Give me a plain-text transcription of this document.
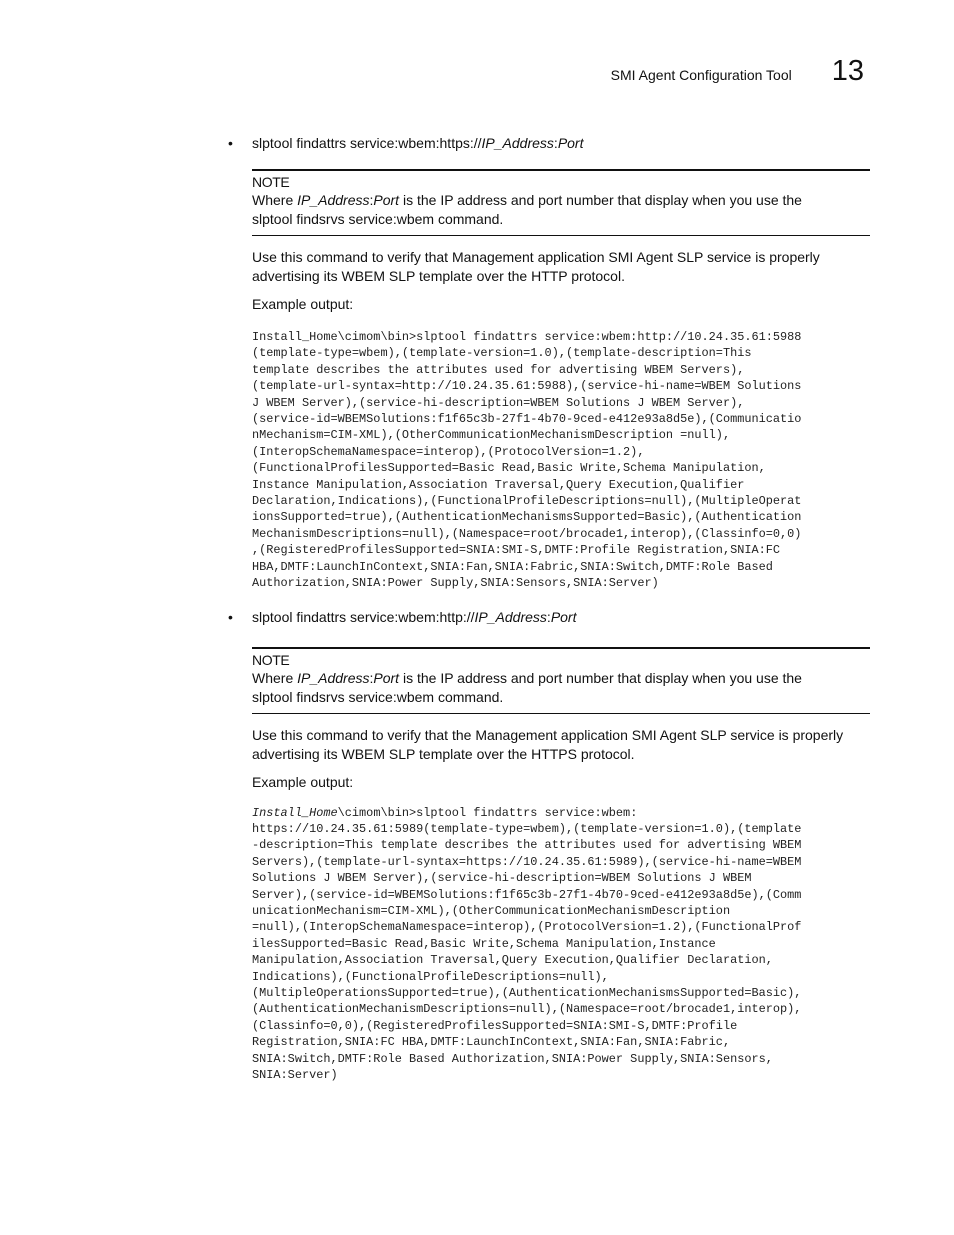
SMI Agent Configuration Tool 13
• slptool findattrs service:wbem:https://IP_Address:Port
NOTE
Where IP_Address:Port is the IP address and port number that display when you use the
slptool findsrvs service:wbem command.

Use this command to verify that Management application SMI Agent SLP service is properly
advertising its WBEM SLP template over the HTTP protocol.

Example output:

Install_Home\cimom\bin>slptool findattrs service:wbem:http://10.24.35.61:5988
(template-type=wbem),(template-version=1.0),(template-description=This
template describes the attributes used for advertising WBEM Servers),
(template-url-syntax=http://10.24.35.61:5988),(service-hi-name=WBEM Solutions
J WBEM Server),(service-hi-description=WBEM Solutions J WBEM Server),
(service-id=WBEMSolutions:f1f65c3b-27f1-4b70-9ced-e412e93a8d5e),(Communicatio
nMechanism=CIM-XML),(OtherCommunicationMechanismDescription =null),
(InteropSchemaNamespace=interop),(ProtocolVersion=1.2),
(FunctionalProfilesSupported=Basic Read,Basic Write,Schema Manipulation,
Instance Manipulation,Association Traversal,Query Execution,Qualifier
Declaration,Indications),(FunctionalProfileDescriptions=null),(MultipleOperat
ionsSupported=true),(AuthenticationMechanismsSupported=Basic),(Authentication
MechanismDescriptions=null),(Namespace=root/brocade1,interop),(Classinfo=0,0)
,(RegisteredProfilesSupported=SNIA:SMI-S,DMTF:Profile Registration,SNIA:FC
HBA,DMTF:LaunchInContext,SNIA:Fan,SNIA:Fabric,SNIA:Switch,DMTF:Role Based
Authorization,SNIA:Power Supply,SNIA:Sensors,SNIA:Server)

• slptool findattrs service:wbem:http://IP_Address:Port
NOTE
Where IP_Address:Port is the IP address and port number that display when you use the
slptool findsrvs service:wbem command.

Use this command to verify that the Management application SMI Agent SLP service is properly
advertising its WBEM SLP template over the HTTPS protocol.

Example output:

Install_Home\cimom\bin>slptool findattrs service:wbem:
https://10.24.35.61:5989(template-type=wbem),(template-version=1.0),(template
-description=This template describes the attributes used for advertising WBEM
Servers),(template-url-syntax=https://10.24.35.61:5989),(service-hi-name=WBEM
Solutions J WBEM Server),(service-hi-description=WBEM Solutions J WBEM
Server),(service-id=WBEMSolutions:f1f65c3b-27f1-4b70-9ced-e412e93a8d5e),(Comm
unicationMechanism=CIM-XML),(OtherCommunicationMechanismDescription
=null),(InteropSchemaNamespace=interop),(ProtocolVersion=1.2),(FunctionalProf
ilesSupported=Basic Read,Basic Write,Schema Manipulation,Instance
Manipulation,Association Traversal,Query Execution,Qualifier Declaration,
Indications),(FunctionalProfileDescriptions=null),
(MultipleOperationsSupported=true),(AuthenticationMechanismsSupported=Basic),
(AuthenticationMechanismDescriptions=null),(Namespace=root/brocade1,interop),
(Classinfo=0,0),(RegisteredProfilesSupported=SNIA:SMI-S,DMTF:Profile
Registration,SNIA:FC HBA,DMTF:LaunchInContext,SNIA:Fan,SNIA:Fabric,
SNIA:Switch,DMTF:Role Based Authorization,SNIA:Power Supply,SNIA:Sensors,
SNIA:Server)
